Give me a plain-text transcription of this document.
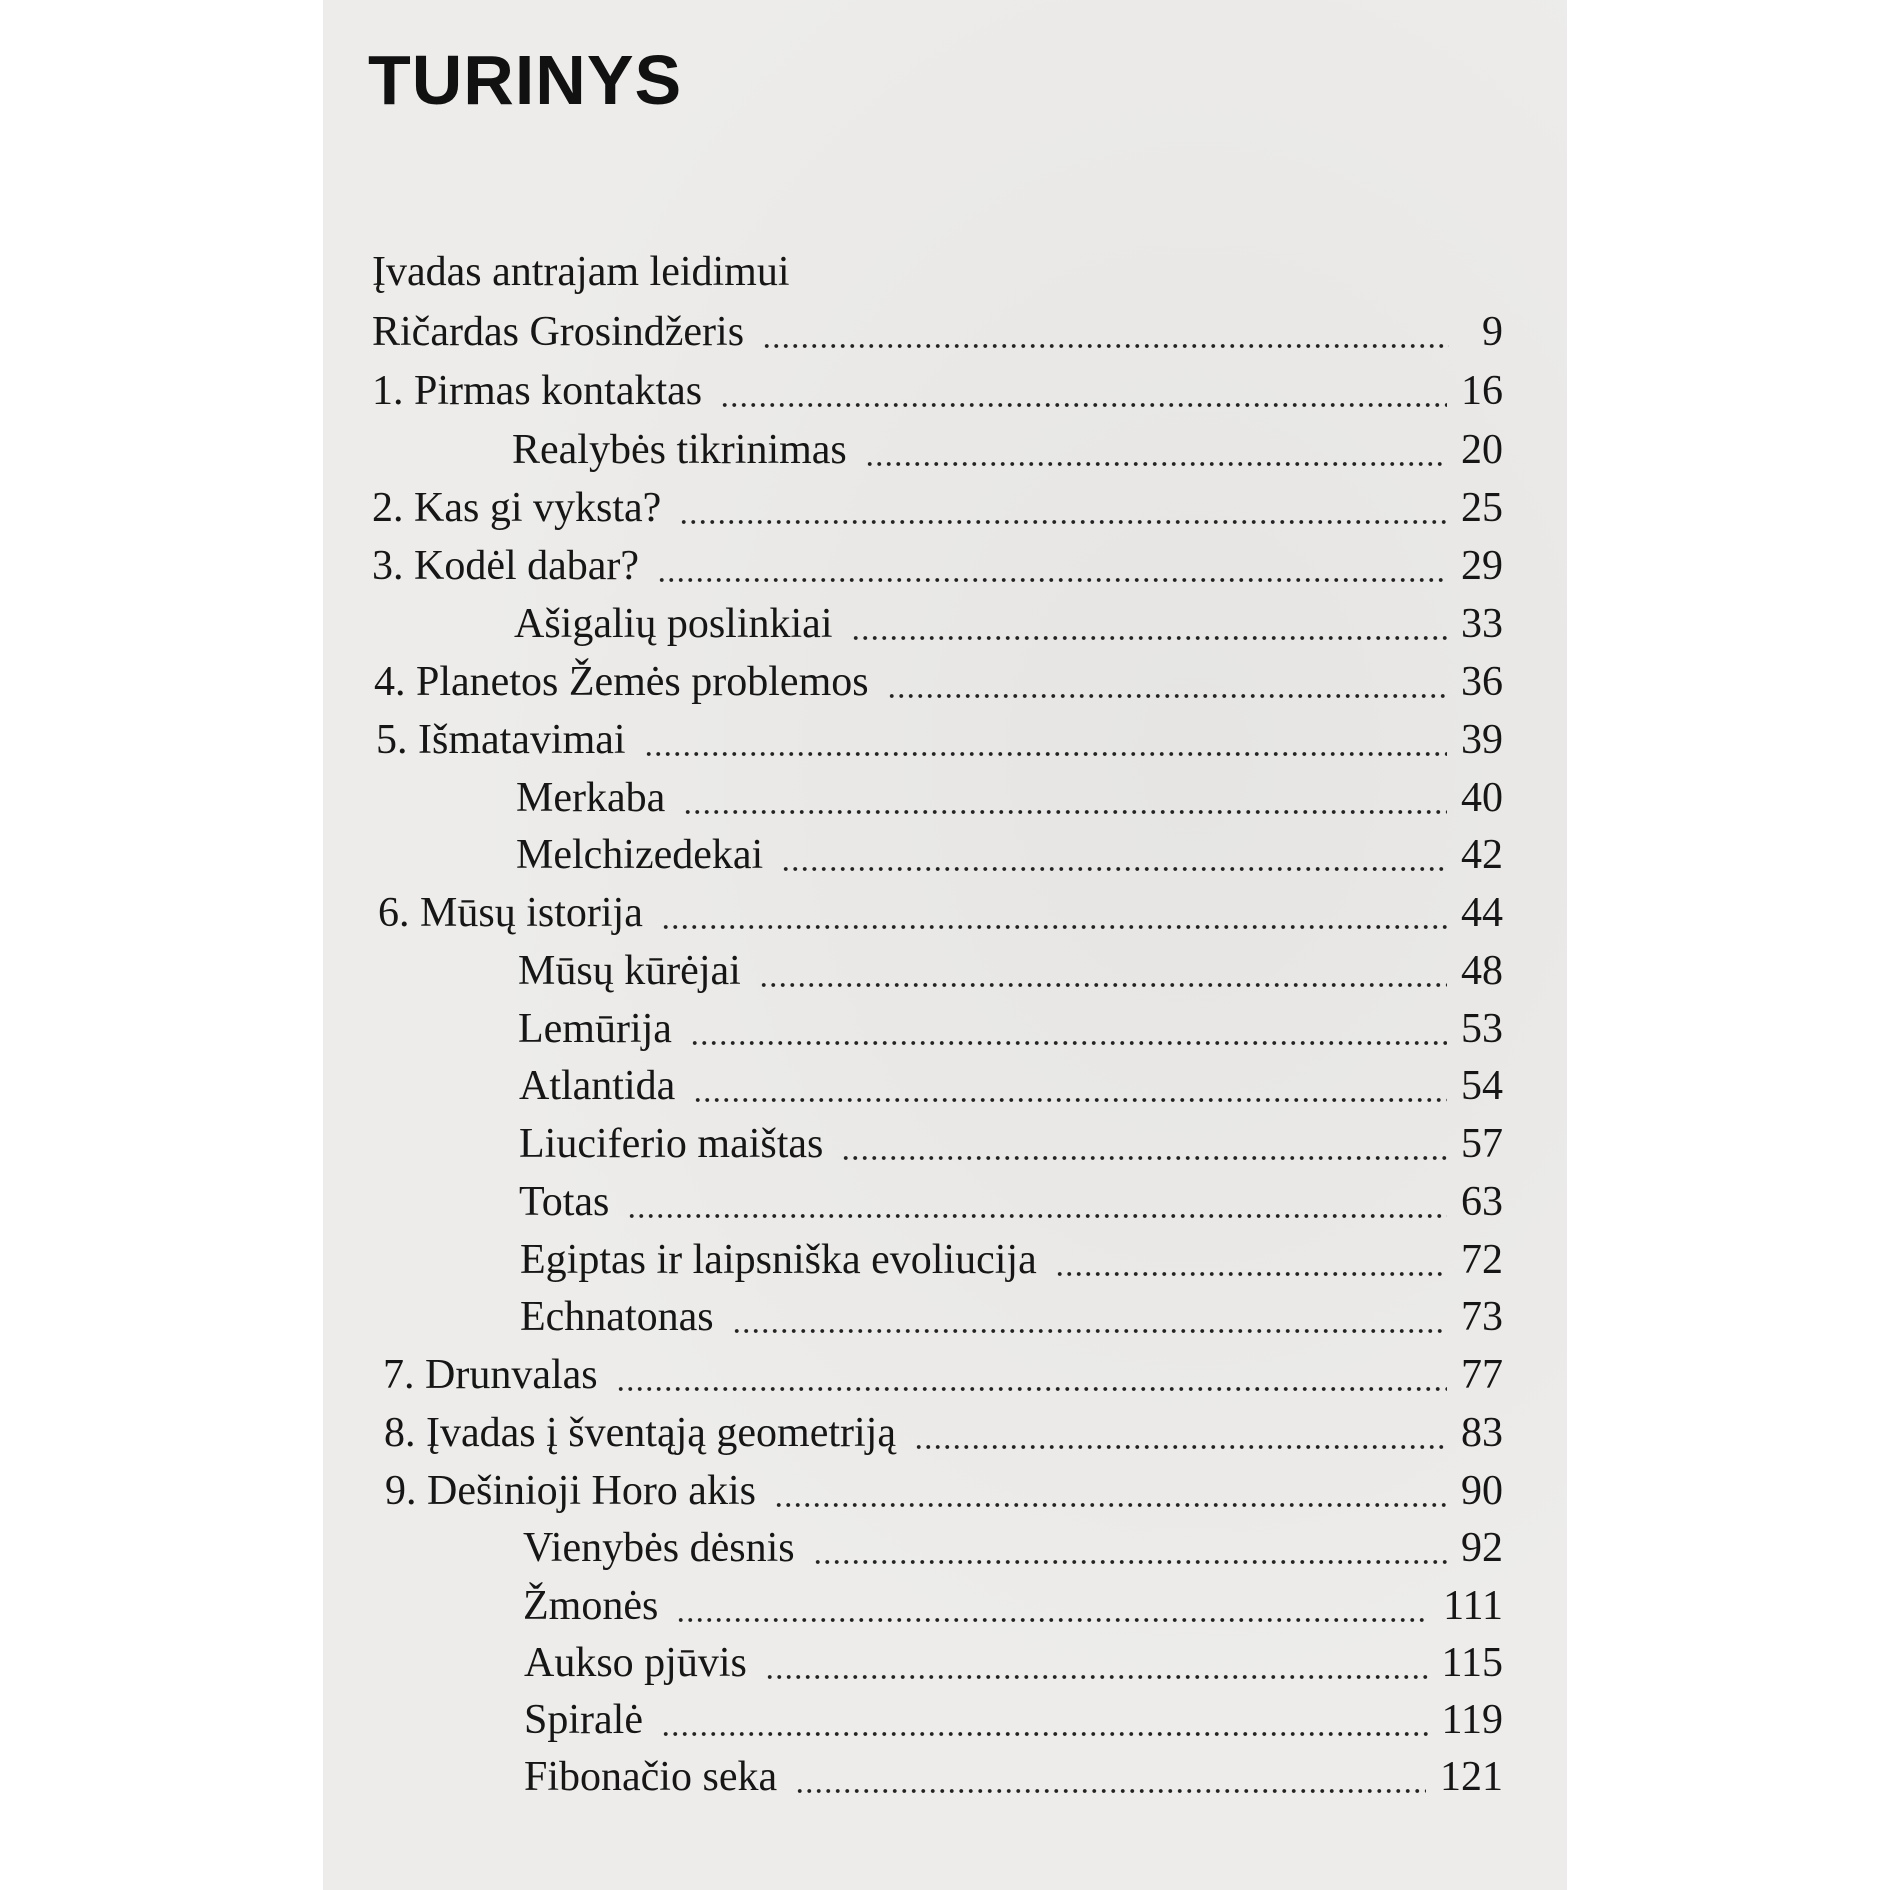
TURINYS
Įvadas antrajam leidimui
Ričardas Grosindžeris	9
1. Pirmas kontaktas	16
Realybės tikrinimas	20
2. Kas gi vyksta?	25
3. Kodėl dabar?	29
Ašigalių poslinkiai	33
4. Planetos Žemės problemos	36
5. Išmatavimai	39
Merkaba	40
Melchizedekai	42
6. Mūsų istorija	44
Mūsų kūrėjai	48
Lemūrija	53
Atlantida	54
Liuciferio maištas	57
Totas	63
Egiptas ir laipsniška evoliucija	72
Echnatonas	73
7. Drunvalas	77
8. Įvadas į šventąją geometriją	83
9. Dešinioji Horo akis	90
Vienybės dėsnis	92
Žmonės	111
Aukso pjūvis	115
Spiralė	119
Fibonačio seka	121
